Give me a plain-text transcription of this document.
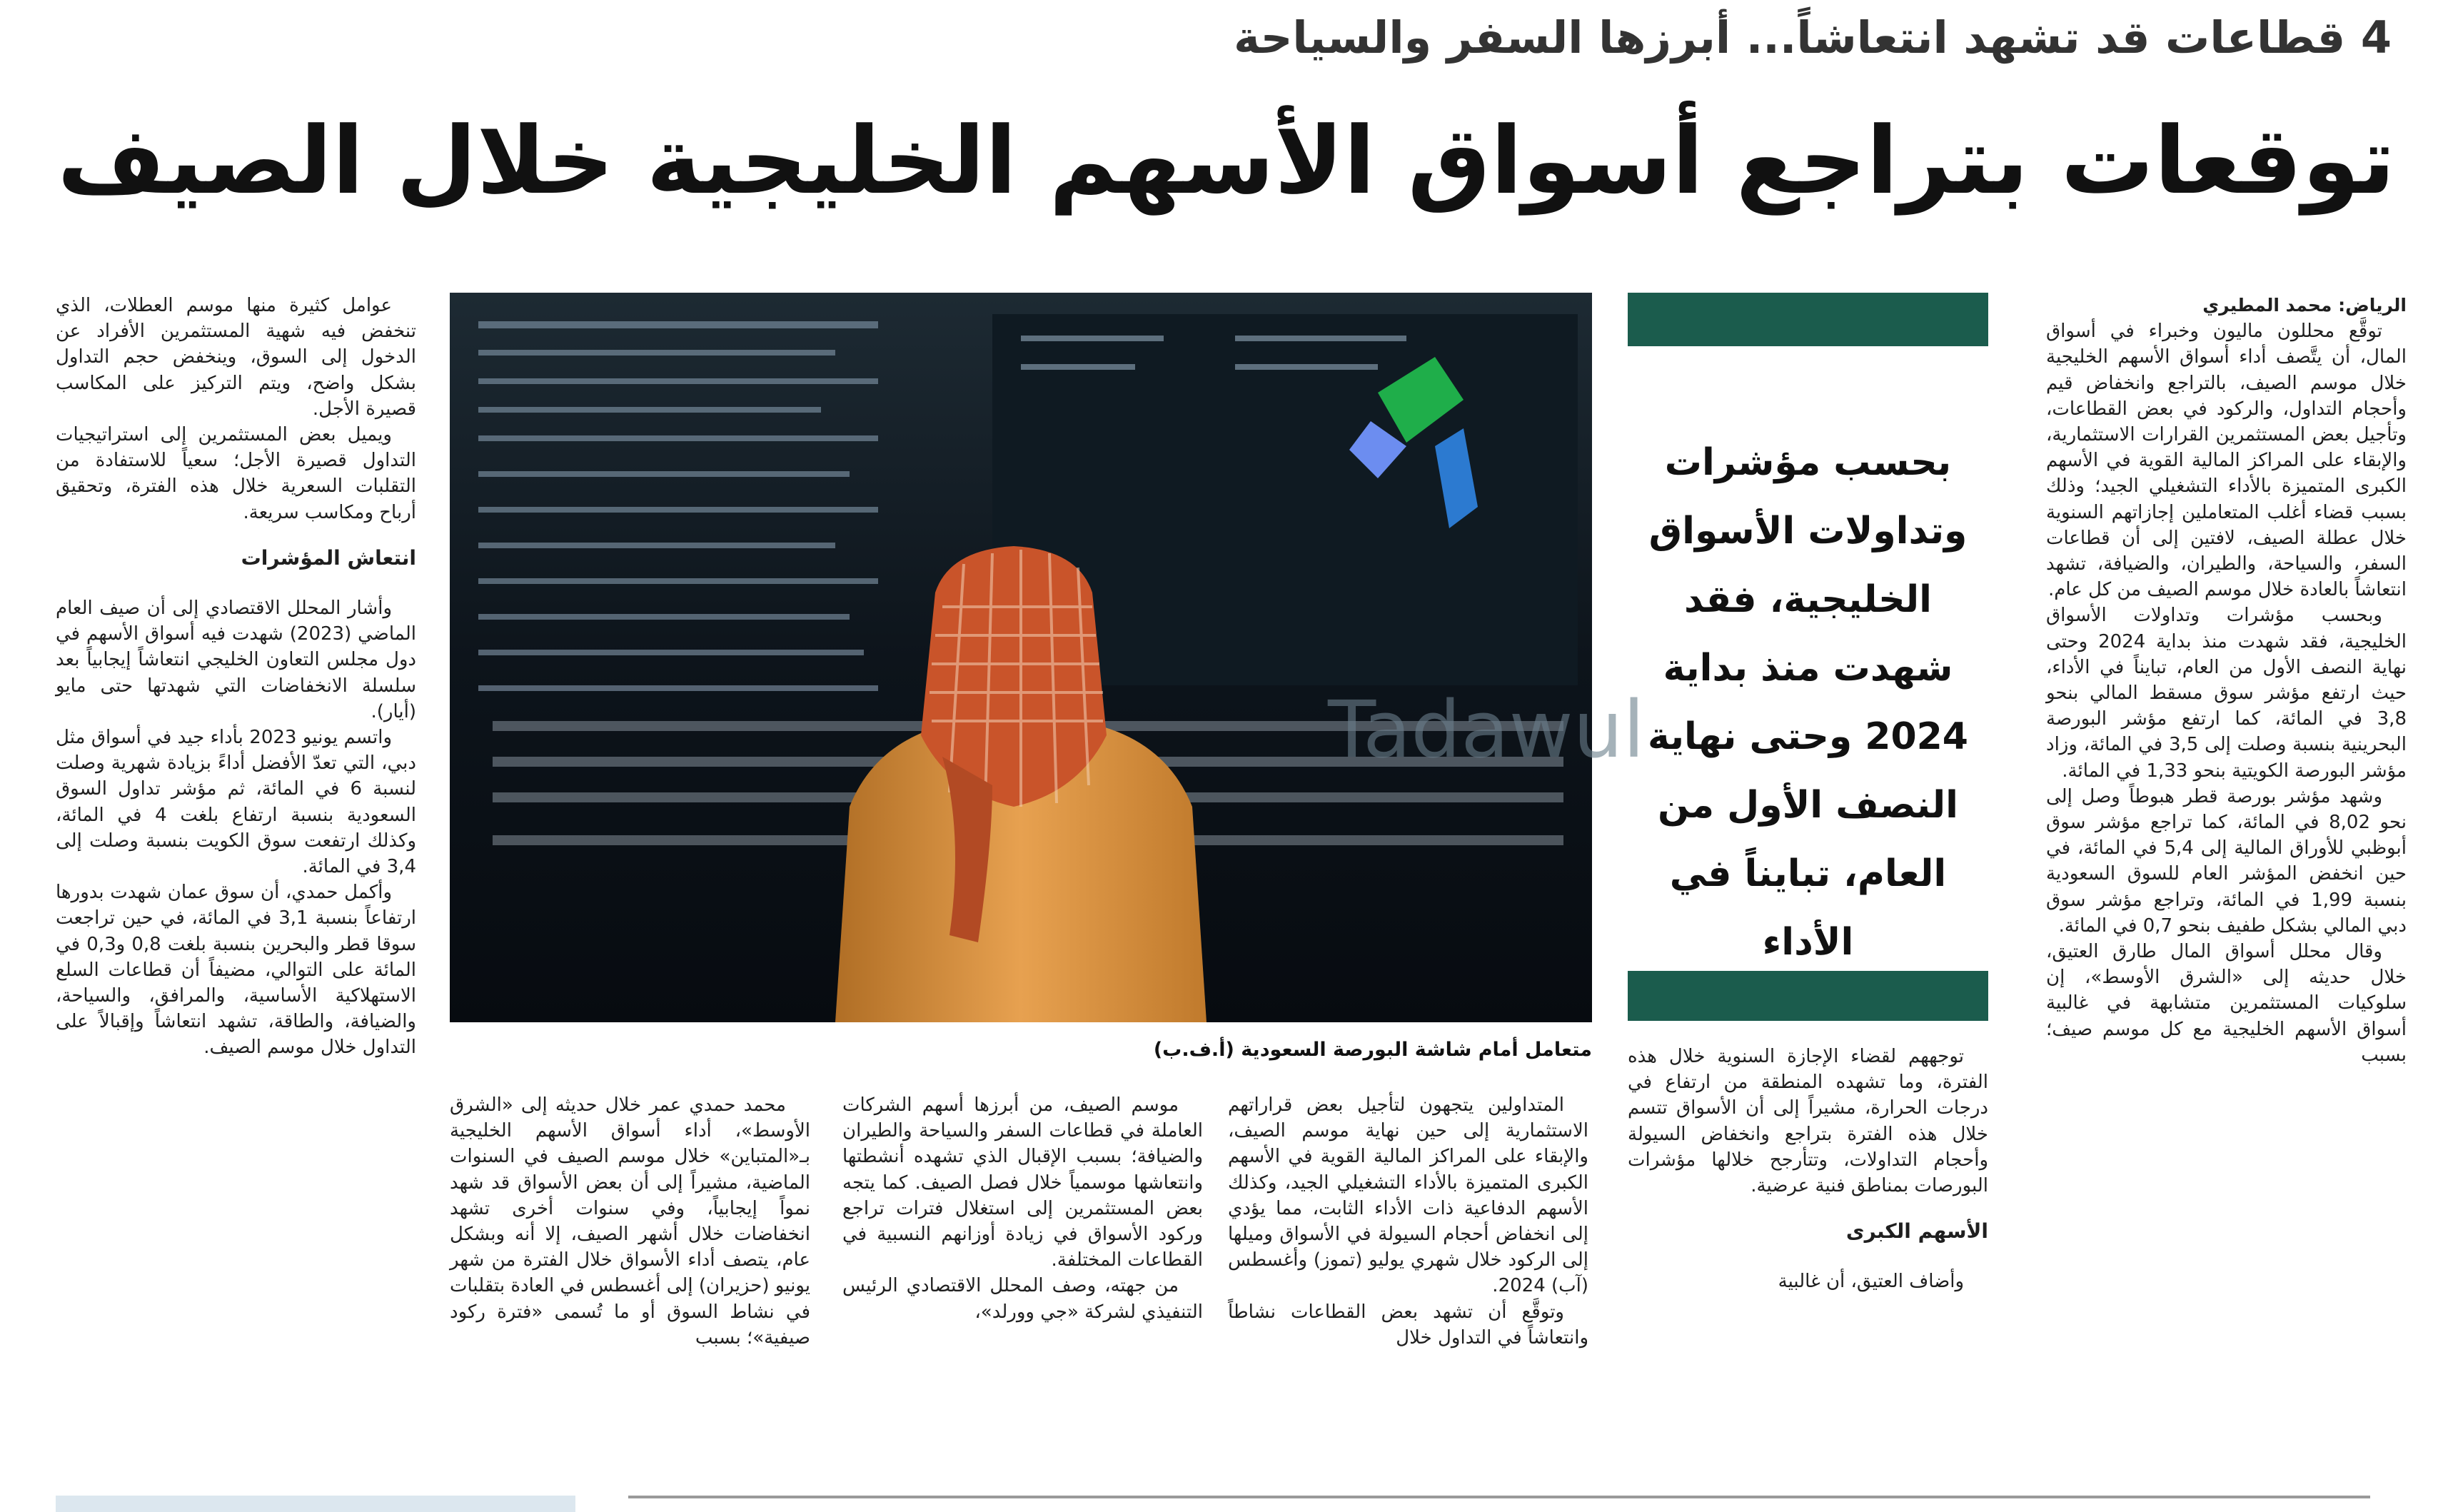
4 قطاعات قد تشهد انتعاشاً... أبرزها السفر والسياحة
توقعات بتراجع أسواق الأسهم الخليجية خلال الصيف

الرياض: محمد المطيري

توقَّع محللون ماليون وخبراء في أسواق المال، أن يتَّصف أداء أسواق الأسهم الخليجية خلال موسم الصيف، بالتراجع وانخفاض قيم وأحجام التداول، والركود في بعض القطاعات، وتأجيل بعض المستثمرين القرارات الاستثمارية، والإبقاء على المراكز المالية القوية في الأسهم الكبرى المتميزة بالأداء التشغيلي الجيد؛ وذلك بسبب قضاء أغلب المتعاملين إجازاتهم السنوية خلال عطلة الصيف، لافتين إلى أن قطاعات السفر، والسياحة، والطيران، والضيافة، تشهد انتعاشاً بالعادة خلال موسم الصيف من كل عام.

وبحسب مؤشرات وتداولات الأسواق الخليجية، فقد شهدت منذ بداية 2024 وحتى نهاية النصف الأول من العام، تبايناً في الأداء، حيث ارتفع مؤشر سوق مسقط المالي بنحو 3,8 في المائة، كما ارتفع مؤشر البورصة البحرينية بنسبة وصلت إلى 3,5 في المائة، وزاد مؤشر البورصة الكويتية بنحو 1,33 في المائة.

وشهد مؤشر بورصة قطر هبوطاً وصل إلى نحو 8,02 في المائة، كما تراجع مؤشر سوق أبوظبي للأوراق المالية إلى 5,4 في المائة، في حين انخفض المؤشر العام للسوق السعودية بنسبة 1,99 في المائة، وتراجع مؤشر سوق دبي المالي بشكل طفيف بنحو 0,7 في المائة.

وقال محلل أسواق المال طارق العتيق، خلال حديثه إلى «الشرق الأوسط»، إن سلوكيات المستثمرين متشابهة في غالبية أسواق الأسهم الخليجية مع كل موسم صيف؛ بسبب

بحسب مؤشرات وتداولات الأسواق الخليجية، فقد شهدت منذ بداية 2024 وحتى نهاية النصف الأول من العام، تبايناً في الأداء

توجههم لقضاء الإجازة السنوية خلال هذه الفترة، وما تشهده المنطقة من ارتفاع في درجات الحرارة، مشيراً إلى أن الأسواق تتسم خلال هذه الفترة بتراجع وانخفاض السيولة وأحجام التداولات، وتتأرجح خلالها مؤشرات البورصات بمناطق فنية عرضية.

الأسهم الكبرى

وأضاف العتيق، أن غالبية

Tadawul
متعامل أمام شاشة البورصة السعودية (أ.ف.ب)

المتداولين يتجهون لتأجيل بعض قراراتهم الاستثمارية إلى حين نهاية موسم الصيف، والإبقاء على المراكز المالية القوية في الأسهم الكبرى المتميزة بالأداء التشغيلي الجيد، وكذلك الأسهم الدفاعية ذات الأداء الثابت، مما يؤدي إلى انخفاض أحجام السيولة في الأسواق وميلها إلى الركود خلال شهري يوليو (تموز) وأغسطس (آب) 2024.

وتوقَّع أن تشهد بعض القطاعات نشاطاً وانتعاشاً في التداول خلال

موسم الصيف، من أبرزها أسهم الشركات العاملة في قطاعات السفر والسياحة والطيران والضيافة؛ بسبب الإقبال الذي تشهده أنشطتها وانتعاشها موسمياً خلال فصل الصيف. كما يتجه بعض المستثمرين إلى استغلال فترات تراجع وركود الأسواق في زيادة أوزانهم النسبية في القطاعات المختلفة.

من جهته، وصف المحلل الاقتصادي الرئيس التنفيذي لشركة «جي وورلد»،

محمد حمدي عمر خلال حديثه إلى «الشرق الأوسط»، أداء أسواق الأسهم الخليجية بـ«المتباين» خلال موسم الصيف في السنوات الماضية، مشيراً إلى أن بعض الأسواق قد شهد نمواً إيجابياً، وفي سنوات أخرى تشهد انخفاضات خلال أشهر الصيف، إلا أنه وبشكل عام، يتصف أداء الأسواق خلال الفترة من شهر يونيو (حزيران) إلى أغسطس في العادة بتقلبات في نشاط السوق أو ما تُسمى «فترة ركود صيفية»؛ بسبب

عوامل كثيرة منها موسم العطلات، الذي تنخفض فيه شهية المستثمرين الأفراد عن الدخول إلى السوق، وينخفض حجم التداول بشكل واضح، ويتم التركيز على المكاسب قصيرة الأجل.

ويميل بعض المستثمرين إلى استراتيجيات التداول قصيرة الأجل؛ سعياً للاستفادة من التقلبات السعرية خلال هذه الفترة، وتحقيق أرباح ومكاسب سريعة.

انتعاش المؤشرات

وأشار المحلل الاقتصادي إلى أن صيف العام الماضي (2023) شهدت فيه أسواق الأسهم في دول مجلس التعاون الخليجي انتعاشاً إيجابياً بعد سلسلة الانخفاضات التي شهدتها حتى مايو (أيار).

واتسم يونيو 2023 بأداء جيد في أسواق مثل دبي، التي تعدّ الأفضل أداءً بزيادة شهرية وصلت لنسبة 6 في المائة، ثم مؤشر تداول السوق السعودية بنسبة ارتفاع بلغت 4 في المائة، وكذلك ارتفعت سوق الكويت بنسبة وصلت إلى 3,4 في المائة.

وأكمل حمدي، أن سوق عمان شهدت بدورها ارتفاعاً بنسبة 3,1 في المائة، في حين تراجعت سوقا قطر والبحرين بنسبة بلغت 0,8 و0,3 في المائة على التوالي، مضيفاً أن قطاعات السلع الاستهلاكية الأساسية، والمرافق، والسياحة، والضيافة، والطاقة، تشهد انتعاشاً وإقبالاً على التداول خلال موسم الصيف.
